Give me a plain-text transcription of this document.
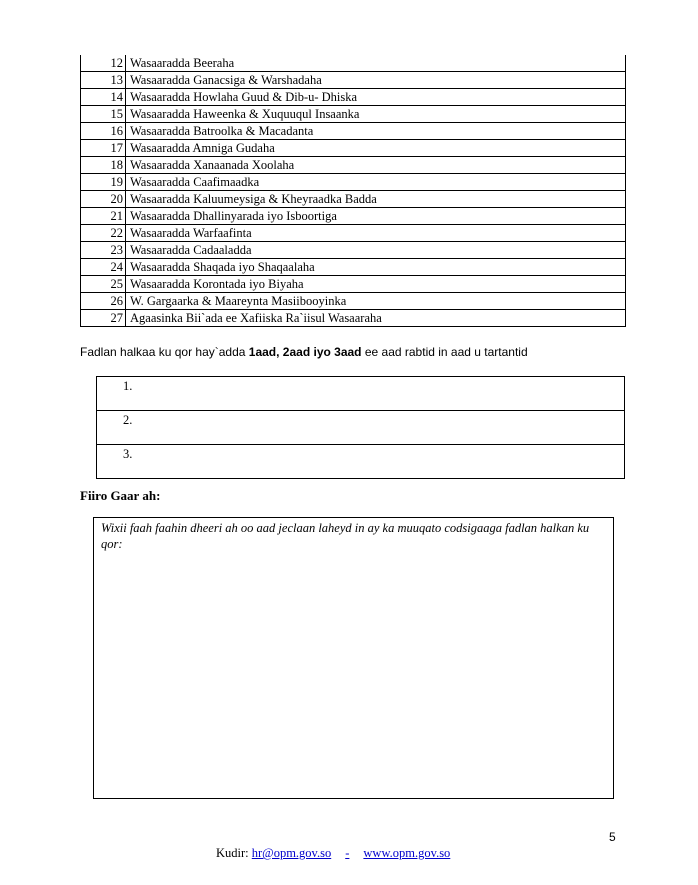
12	Wasaaradda Beeraha
13	Wasaaradda Ganacsiga & Warshadaha
14	Wasaaradda Howlaha Guud & Dib-u- Dhiska
15	Wasaaradda Haweenka & Xuquuqul Insaanka
16	Wasaaradda Batroolka & Macadanta
17	Wasaaradda Amniga Gudaha
18	Wasaaradda Xanaanada Xoolaha
19	Wasaaradda Caafimaadka
20	Wasaaradda Kaluumeysiga & Kheyraadka Badda
21	Wasaaradda Dhallinyarada iyo Isboortiga
22	Wasaaradda Warfaafinta
23	Wasaaradda Cadaaladda
24	Wasaaradda Shaqada iyo Shaqaalaha
25	Wasaaradda Korontada iyo Biyaha
26	W. Gargaarka & Maareynta Masiibooyinka
27	Agaasinka Bii`ada ee Xafiiska Ra`iisul Wasaaraha
Fadlan halkaa ku qor hay`adda 1aad, 2aad iyo 3aad ee aad rabtid in aad u tartantid
1.
2.
3.
Fiiro Gaar ah:
Wixii faah faahin dheeri ah oo aad jeclaan laheyd in ay ka muuqato codsigaaga fadlan halkan ku qor:
5
Kudir: hr@opm.gov.so - www.opm.gov.so
